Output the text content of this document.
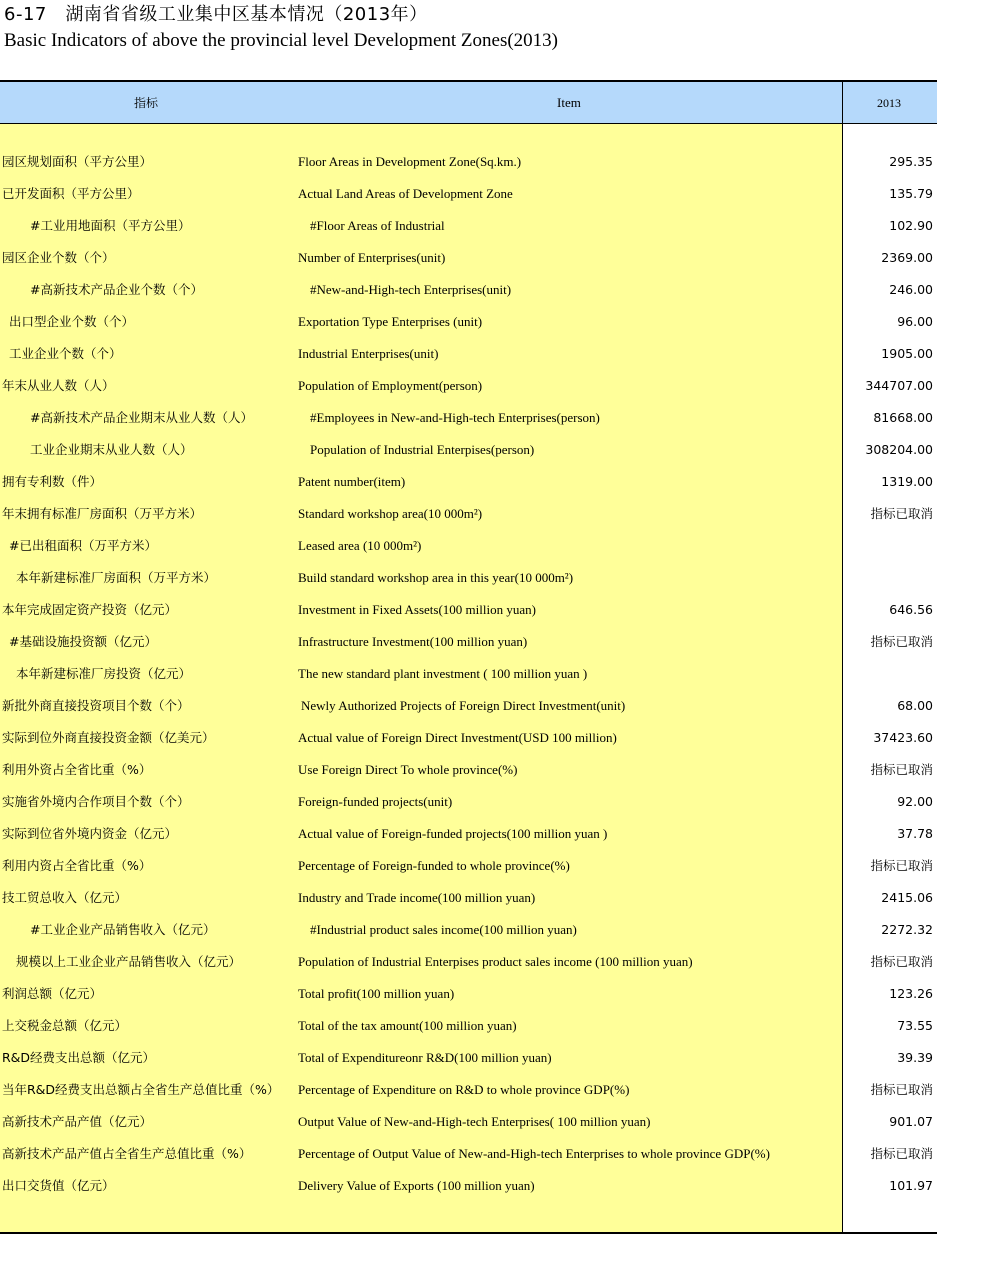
6-17　湖南省省级工业集中区基本情况（2013年）
Basic Indicators of above the provincial level Development Zones(2013)
指标	Item	2013
园区规划面积（平方公里）	Floor Areas in Development Zone(Sq.km.)	295.35
已开发面积（平方公里）	Actual Land Areas of Development Zone	135.79
#工业用地面积（平方公里）	#Floor Areas of Industrial	102.90
园区企业个数（个）	Number of Enterprises(unit)	2369.00
#高新技术产品企业个数（个）	#New-and-High-tech Enterprises(unit)	246.00
出口型企业个数（个）	Exportation Type Enterprises (unit)	96.00
工业企业个数（个）	Industrial Enterprises(unit)	1905.00
年末从业人数（人）	Population of Employment(person)	344707.00
#高新技术产品企业期末从业人数（人）	#Employees in New-and-High-tech Enterprises(person)	81668.00
工业企业期末从业人数（人）	Population of Industrial Enterpises(person)	308204.00
拥有专利数（件）	Patent number(item)	1319.00
年末拥有标准厂房面积（万平方米）	Standard workshop area(10 000m²)	指标已取消
#已出租面积（万平方米）	Leased area (10 000m²)
本年新建标准厂房面积（万平方米）	Build standard workshop area in this year(10 000m²)
本年完成固定资产投资（亿元）	Investment in Fixed Assets(100 million yuan)	646.56
#基础设施投资额（亿元）	Infrastructure Investment(100 million yuan)	指标已取消
本年新建标准厂房投资（亿元）	The new standard plant investment ( 100 million yuan )
新批外商直接投资项目个数（个）	Newly Authorized Projects of Foreign Direct Investment(unit)	68.00
实际到位外商直接投资金额（亿美元）	Actual value of Foreign Direct Investment(USD 100 million)	37423.60
利用外资占全省比重（%）	Use Foreign Direct To whole province(%)	指标已取消
实施省外境内合作项目个数（个）	Foreign-funded projects(unit)	92.00
实际到位省外境内资金（亿元）	Actual value of Foreign-funded projects(100 million yuan )	37.78
利用内资占全省比重（%）	Percentage of Foreign-funded to whole province(%)	指标已取消
技工贸总收入（亿元）	Industry and Trade income(100 million yuan)	2415.06
#工业企业产品销售收入（亿元）	#Industrial product sales income(100 million yuan)	2272.32
规模以上工业企业产品销售收入（亿元）	Population of Industrial Enterpises product sales income (100 million yuan)	指标已取消
利润总额（亿元）	Total profit(100 million yuan)	123.26
上交税金总额（亿元）	Total of the tax amount(100 million yuan)	73.55
R&D经费支出总额（亿元）	Total of Expenditureonr R&D(100 million yuan)	39.39
当年R&D经费支出总额占全省生产总值比重（%） Percentage of Expenditure on R&D to whole province GDP(%)	指标已取消
高新技术产品产值（亿元）	Output Value of New-and-High-tech Enterprises( 100 million yuan)	901.07
高新技术产品产值占全省生产总值比重（%）	Percentage of Output Value of New-and-High-tech Enterprises to whole province GDP(%)	指标已取消
出口交货值（亿元）	Delivery Value of Exports (100 million yuan)	101.97
